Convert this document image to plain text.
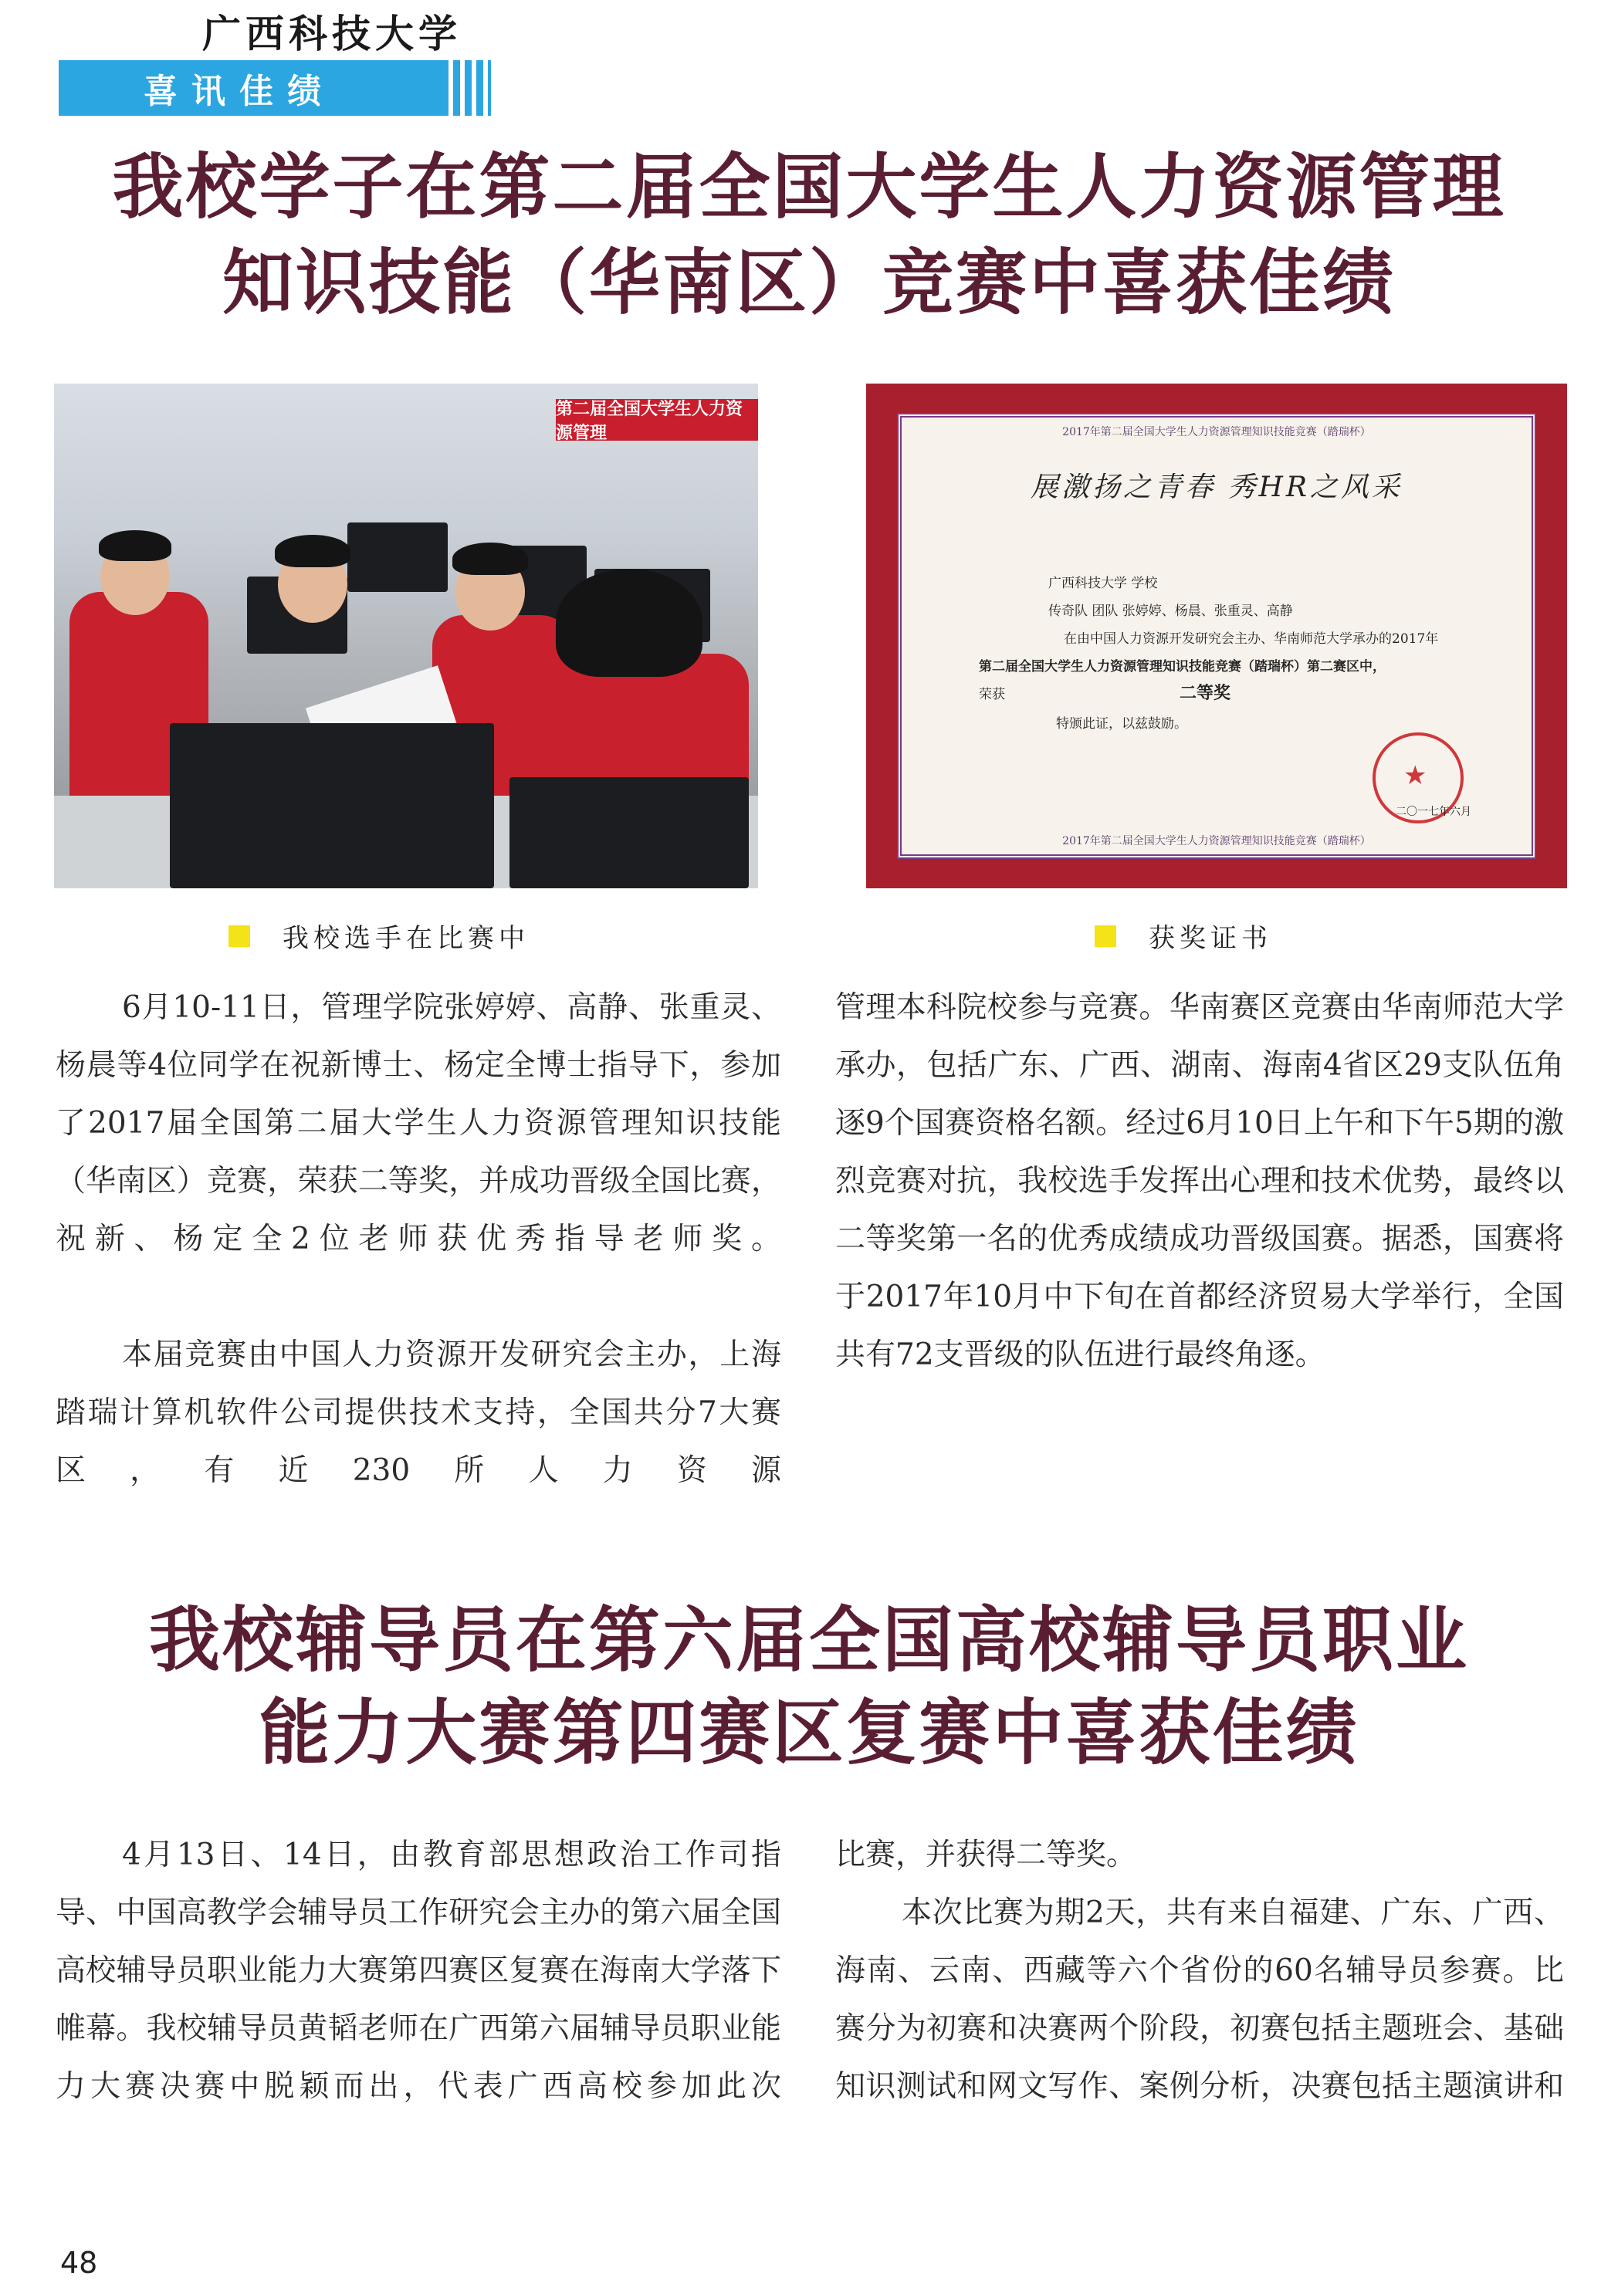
广西科技大学
喜讯佳绩
我校学子在第二届全国大学生人力资源管理
知识技能（华南区）竞赛中喜获佳绩
第二届全国大学生人力资源管理	2017年第二届全国大学生人力资源管理知识技能竞赛（踏瑞杯）
展激扬之青春 秀HR之风采
广西科技大学 学校
传奇队 团队 张婷婷、杨晨、张重灵、高静
在由中国人力资源开发研究会主办、华南师范大学承办的2017年
第二届全国大学生人力资源管理知识技能竞赛（踏瑞杯）第二赛区中，
荣获	二等奖
特颁此证，以兹鼓励。
★
二〇一七年六月
2017年第二届全国大学生人力资源管理知识技能竞赛（踏瑞杯）
我校选手在比赛中	获奖证书
6月10-11日，管理学院张婷婷、高静、张重灵、杨晨等4位同学在祝新博士、杨定全博士指导下，参加了2017届全国第二届大学生人力资源管理知识技能（华南区）竞赛，荣获二等奖，并成功晋级全国比赛，祝新、杨定全2位老师获优秀指导老师奖。
本届竞赛由中国人力资源开发研究会主办，上海踏瑞计算机软件公司提供技术支持，全国共分7大赛区，有近230所人力资源
管理本科院校参与竞赛。华南赛区竞赛由华南师范大学承办，包括广东、广西、湖南、海南4省区29支队伍角逐9个国赛资格名额。经过6月10日上午和下午5期的激烈竞赛对抗，我校选手发挥出心理和技术优势，最终以二等奖第一名的优秀成绩成功晋级国赛。据悉，国赛将于2017年10月中下旬在首都经济贸易大学举行，全国共有72支晋级的队伍进行最终角逐。
我校辅导员在第六届全国高校辅导员职业
能力大赛第四赛区复赛中喜获佳绩
4月13日、14日，由教育部思想政治工作司指导、中国高教学会辅导员工作研究会主办的第六届全国高校辅导员职业能力大赛第四赛区复赛在海南大学落下帷幕。我校辅导员黄韬老师在广西第六届辅导员职业能力大赛决赛中脱颖而出，代表广西高校参加此次
比赛，并获得二等奖。
本次比赛为期2天，共有来自福建、广东、广西、海南、云南、西藏等六个省份的60名辅导员参赛。比赛分为初赛和决赛两个阶段，初赛包括主题班会、基础知识测试和网文写作、案例分析，决赛包括主题演讲和
48
